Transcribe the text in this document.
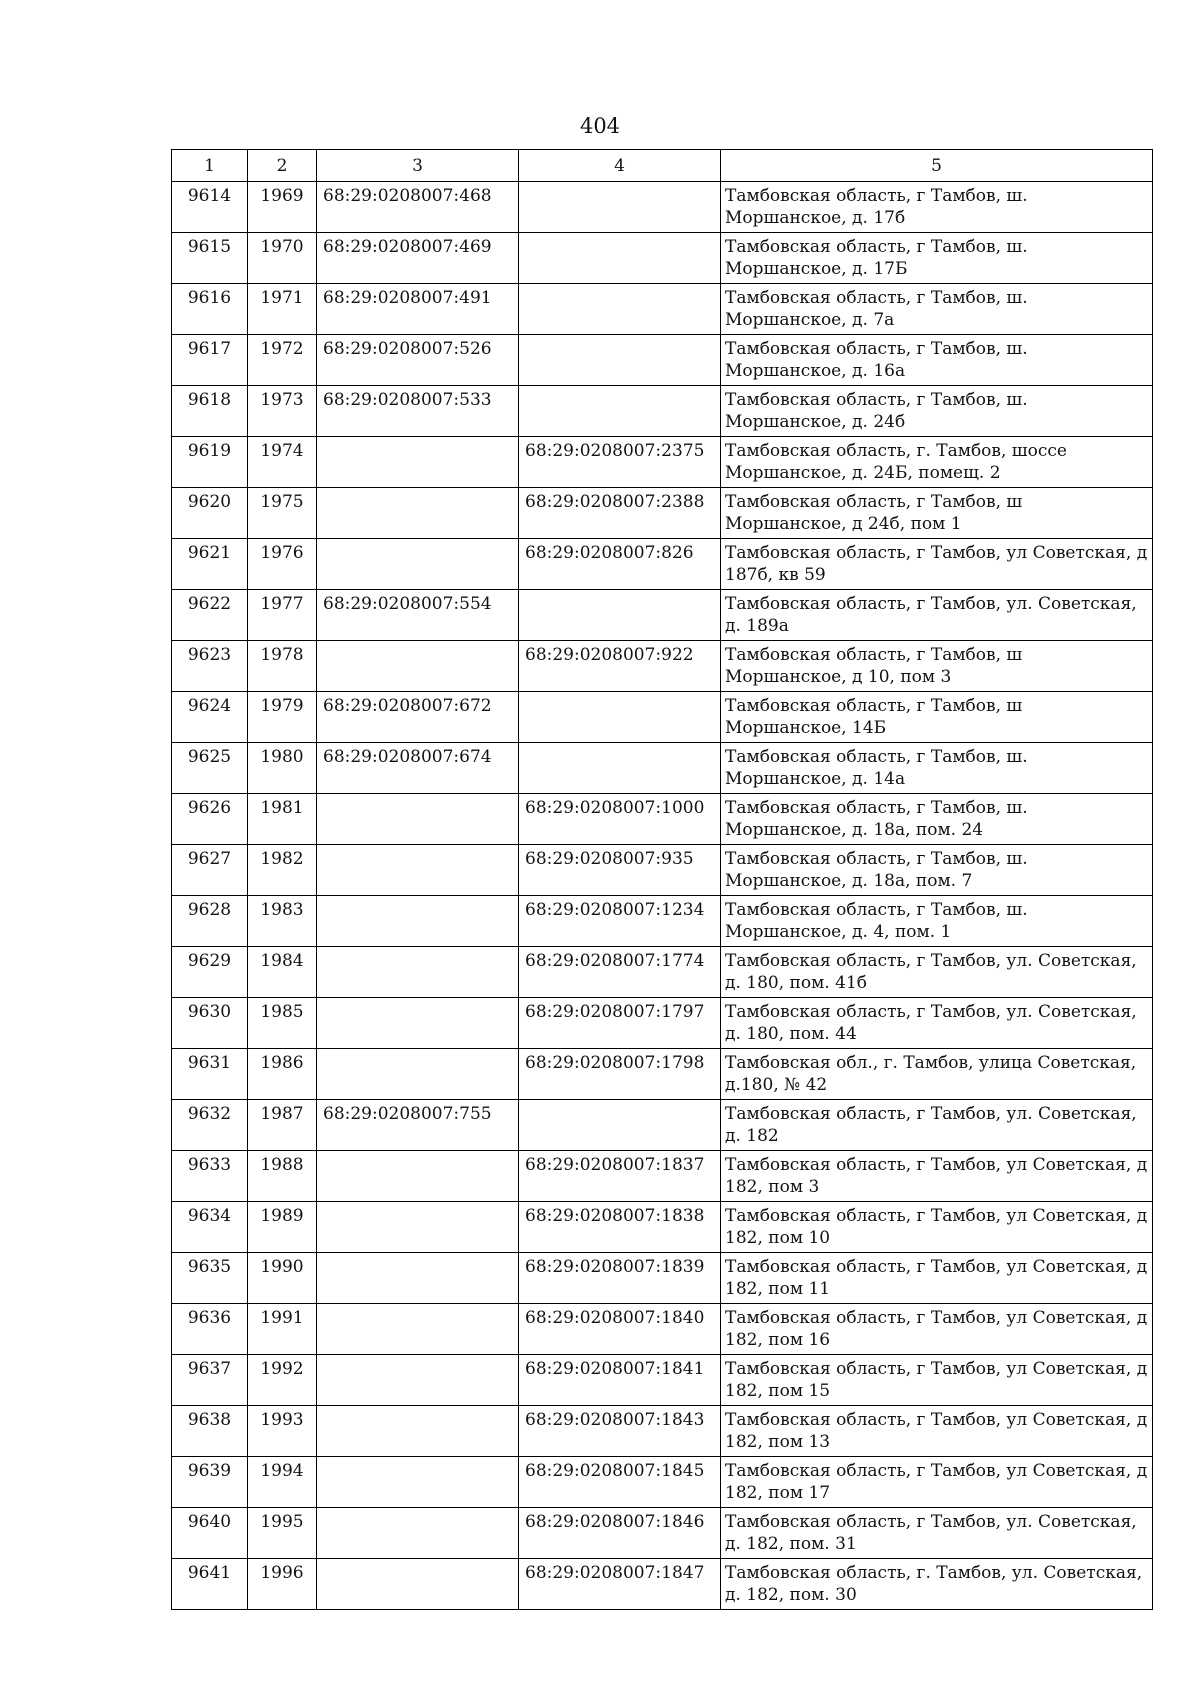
404
1	2	3	4	5
9614	1969	68:29:0208007:468		Тамбовская область, г Тамбов, ш. Моршанское, д. 17б
9615	1970	68:29:0208007:469		Тамбовская область, г Тамбов, ш. Моршанское, д. 17Б
9616	1971	68:29:0208007:491		Тамбовская область, г Тамбов, ш. Моршанское, д. 7а
9617	1972	68:29:0208007:526		Тамбовская область, г Тамбов, ш. Моршанское, д. 16а
9618	1973	68:29:0208007:533		Тамбовская область, г Тамбов, ш. Моршанское, д. 24б
9619	1974		68:29:0208007:2375	Тамбовская область, г. Тамбов, шоссе Моршанское, д. 24Б, помещ. 2
9620	1975		68:29:0208007:2388	Тамбовская область, г Тамбов, ш Моршанское, д 24б, пом 1
9621	1976		68:29:0208007:826	Тамбовская область, г Тамбов, ул Советская, д 187б, кв 59
9622	1977	68:29:0208007:554		Тамбовская область, г Тамбов, ул. Советская, д. 189а
9623	1978		68:29:0208007:922	Тамбовская область, г Тамбов, ш Моршанское, д 10, пом 3
9624	1979	68:29:0208007:672		Тамбовская область, г Тамбов, ш Моршанское, 14Б
9625	1980	68:29:0208007:674		Тамбовская область, г Тамбов, ш. Моршанское, д. 14а
9626	1981		68:29:0208007:1000	Тамбовская область, г Тамбов, ш. Моршанское, д. 18а, пом. 24
9627	1982		68:29:0208007:935	Тамбовская область, г Тамбов, ш. Моршанское, д. 18а, пом. 7
9628	1983		68:29:0208007:1234	Тамбовская область, г Тамбов, ш. Моршанское, д. 4, пом. 1
9629	1984		68:29:0208007:1774	Тамбовская область, г Тамбов, ул. Советская, д. 180, пом. 41б
9630	1985		68:29:0208007:1797	Тамбовская область, г Тамбов, ул. Советская, д. 180, пом. 44
9631	1986		68:29:0208007:1798	Тамбовская обл., г. Тамбов, улица Советская, д.180, № 42
9632	1987	68:29:0208007:755		Тамбовская область, г Тамбов, ул. Советская, д. 182
9633	1988		68:29:0208007:1837	Тамбовская область, г Тамбов, ул Советская, д 182, пом 3
9634	1989		68:29:0208007:1838	Тамбовская область, г Тамбов, ул Советская, д 182, пом 10
9635	1990		68:29:0208007:1839	Тамбовская область, г Тамбов, ул Советская, д 182, пом 11
9636	1991		68:29:0208007:1840	Тамбовская область, г Тамбов, ул Советская, д 182, пом 16
9637	1992		68:29:0208007:1841	Тамбовская область, г Тамбов, ул Советская, д 182, пом 15
9638	1993		68:29:0208007:1843	Тамбовская область, г Тамбов, ул Советская, д 182, пом 13
9639	1994		68:29:0208007:1845	Тамбовская область, г Тамбов, ул Советская, д 182, пом 17
9640	1995		68:29:0208007:1846	Тамбовская область, г Тамбов, ул. Советская, д. 182, пом. 31
9641	1996		68:29:0208007:1847	Тамбовская область, г. Тамбов, ул. Советская, д. 182, пом. 30
